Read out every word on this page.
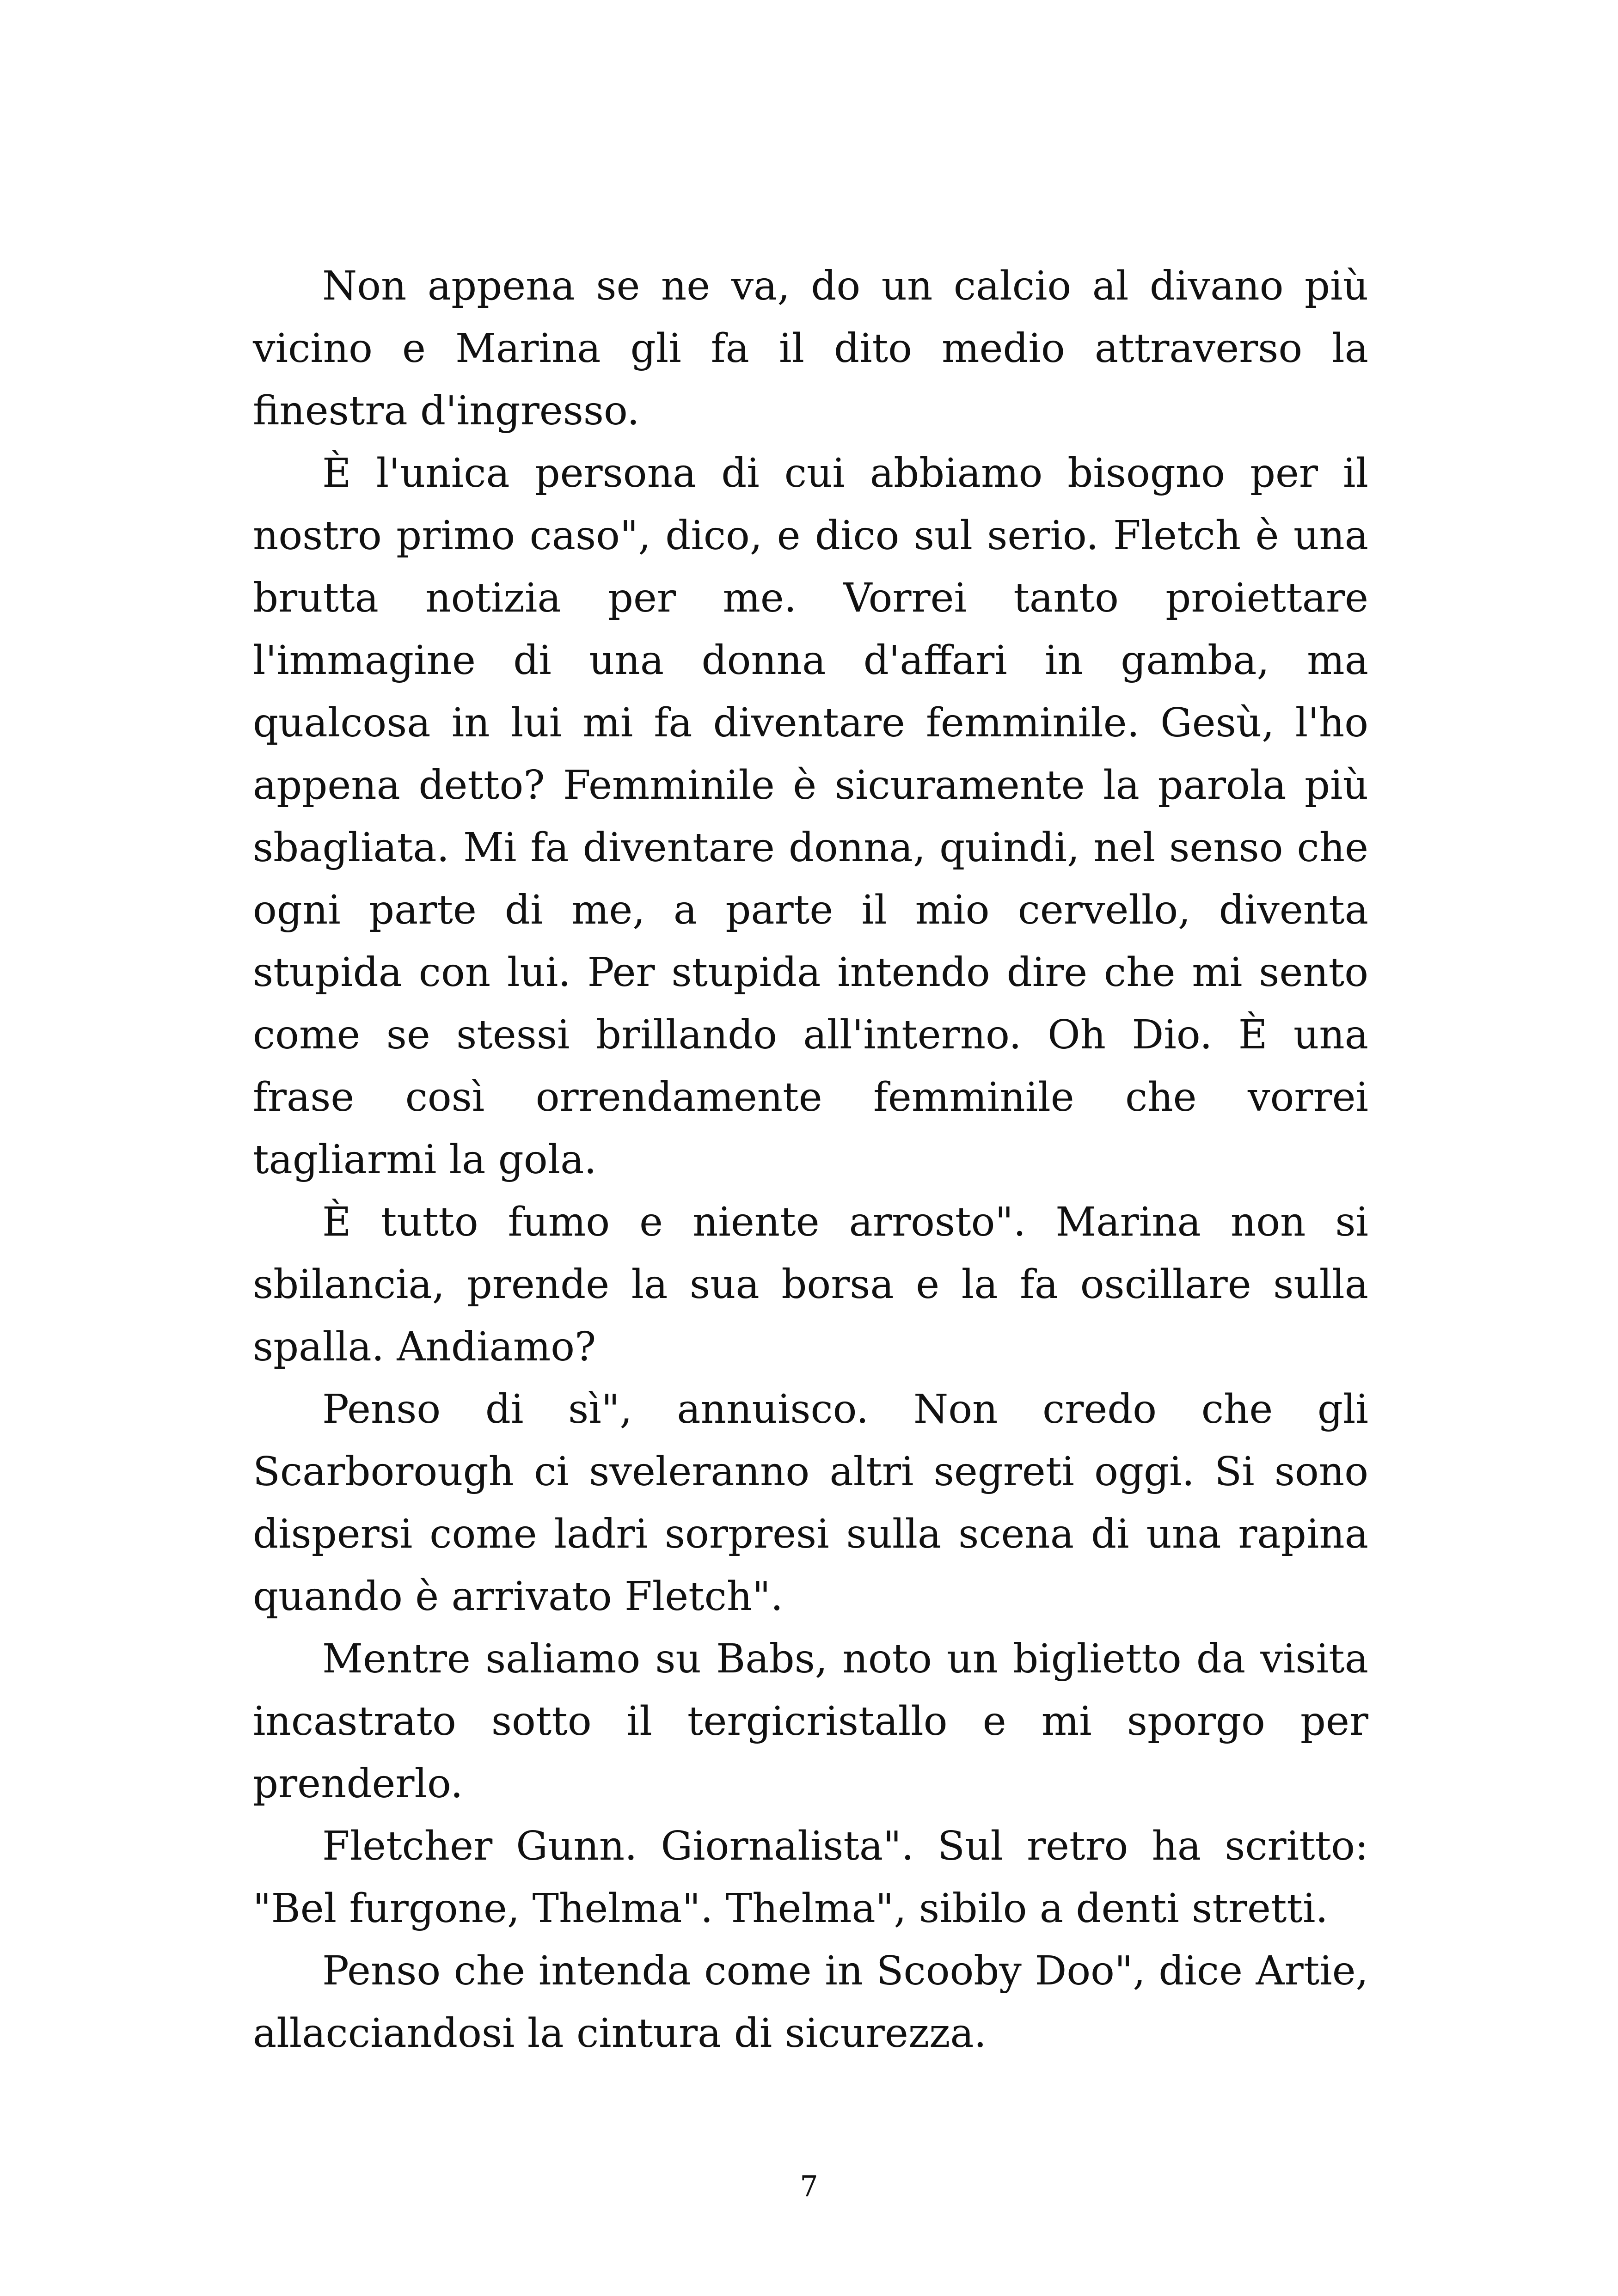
Non appena se ne va, do un calcio al divano più vicino e Marina gli fa il dito medio attraverso la finestra d'ingresso.

È l'unica persona di cui abbiamo bisogno per il nostro primo caso", dico, e dico sul serio. Fletch è una brutta notizia per me. Vorrei tanto proiettare l'immagine di una donna d'affari in gamba, ma qualcosa in lui mi fa diventare femminile. Gesù, l'ho appena detto? Femminile è sicuramente la parola più sbagliata. Mi fa diventare donna, quindi, nel senso che ogni parte di me, a parte il mio cervello, diventa stupida con lui. Per stupida intendo dire che mi sento come se stessi brillando all'interno. Oh Dio. È una frase così orrendamente femminile che vorrei tagliarmi la gola.

È tutto fumo e niente arrosto". Marina non si sbilancia, prende la sua borsa e la fa oscillare sulla spalla. Andiamo?

Penso di sì", annuisco. Non credo che gli Scarborough ci sveleranno altri segreti oggi. Si sono dispersi come ladri sorpresi sulla scena di una rapina quando è arrivato Fletch".

Mentre saliamo su Babs, noto un biglietto da visita incastrato sotto il tergicristallo e mi sporgo per prenderlo.

Fletcher Gunn. Giornalista". Sul retro ha scritto: "Bel furgone, Thelma". Thelma", sibilo a denti stretti.

Penso che intenda come in Scooby Doo", dice Artie, allacciandosi la cintura di sicurezza.

7
